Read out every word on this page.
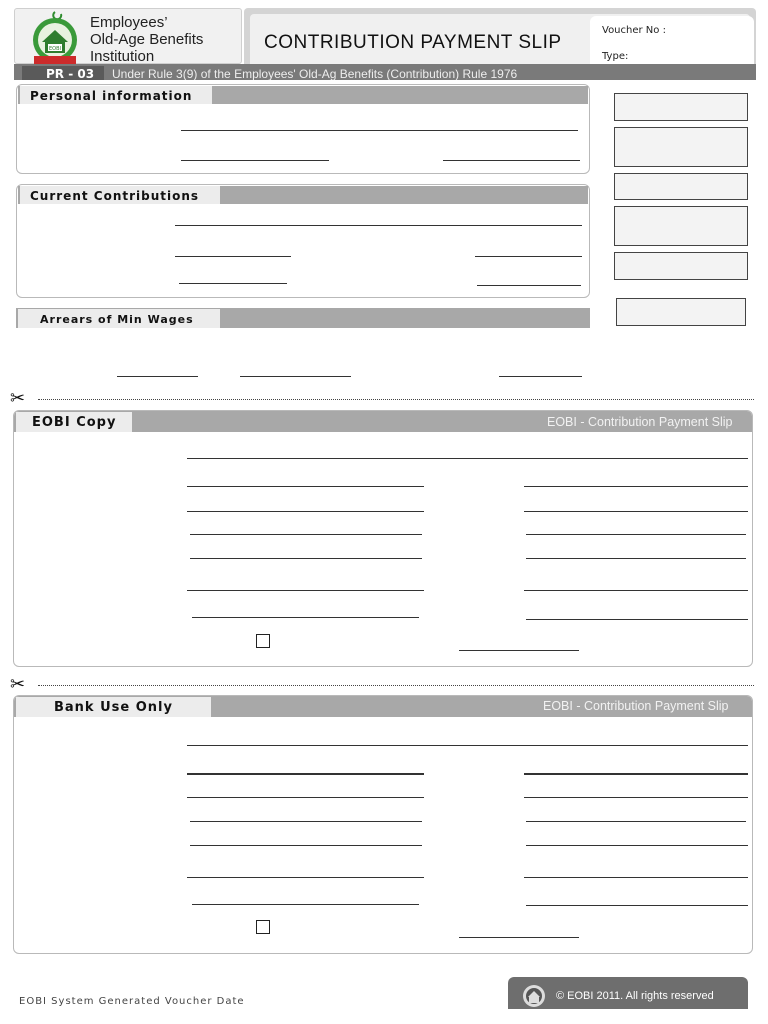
EOBI
Employees’
Old-Age Benefits
Institution
CONTRIBUTION PAYMENT SLIP
Voucher No :
Type:
PR - 03 Under Rule 3(9) of the Employees' Old-Ag Benefits (Contribution) Rule 1976
Personal information
Current Contributions
Arrears of Min Wages
✂
EOBI Copy	EOBI - Contribution Payment Slip
✂
Bank Use Only	EOBI - Contribution Payment Slip
EOBI System Generated Voucher Date	© EOBI 2011. All rights reserved
